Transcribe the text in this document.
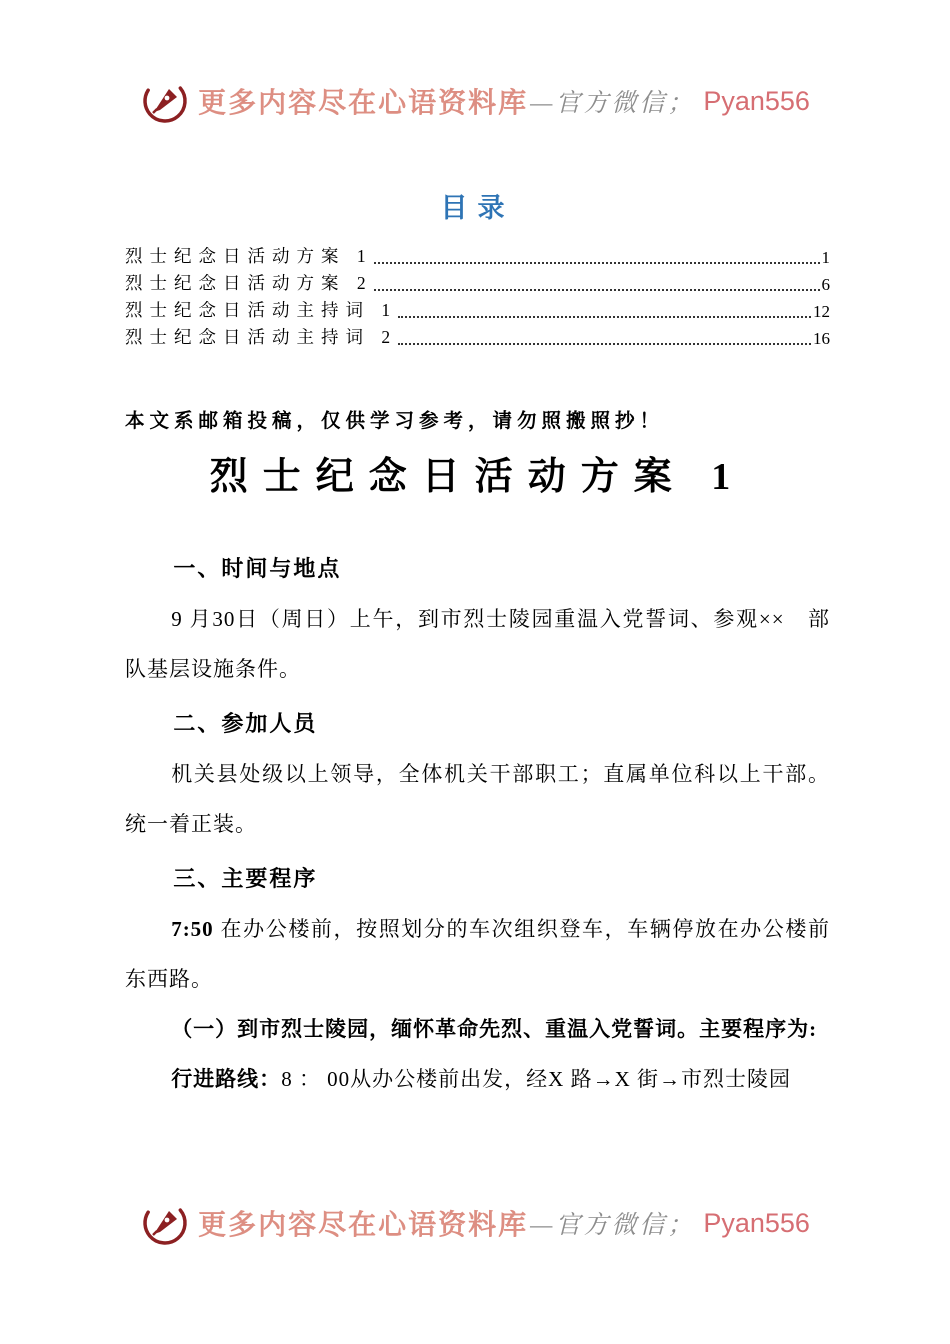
更多内容尽在心语资料库 —官方微信； Pyan556
目录
烈士纪念日活动方案 1	1
烈士纪念日活动方案 2	6
烈士纪念日活动主持词 1	12
烈士纪念日活动主持词 2	16
本文系邮箱投稿，仅供学习参考，请勿照搬照抄！
烈士纪念日活动方案 1
一、时间与地点

9 月30日（周日）上午，到市烈士陵园重温入党誓词、参观××　部队基层设施条件。

二、参加人员

机关县处级以上领导，全体机关干部职工；直属单位科以上干部。统一着正装。

三、主要程序

7:50 在办公楼前，按照划分的车次组织登车，车辆停放在办公楼前东西路。

（一）到市烈士陵园，缅怀革命先烈、重温入党誓词。主要程序为:

行进路线：8 ： 00从办公楼前出发，经X 路→X 街→市烈士陵园

更多内容尽在心语资料库 —官方微信； Pyan556
